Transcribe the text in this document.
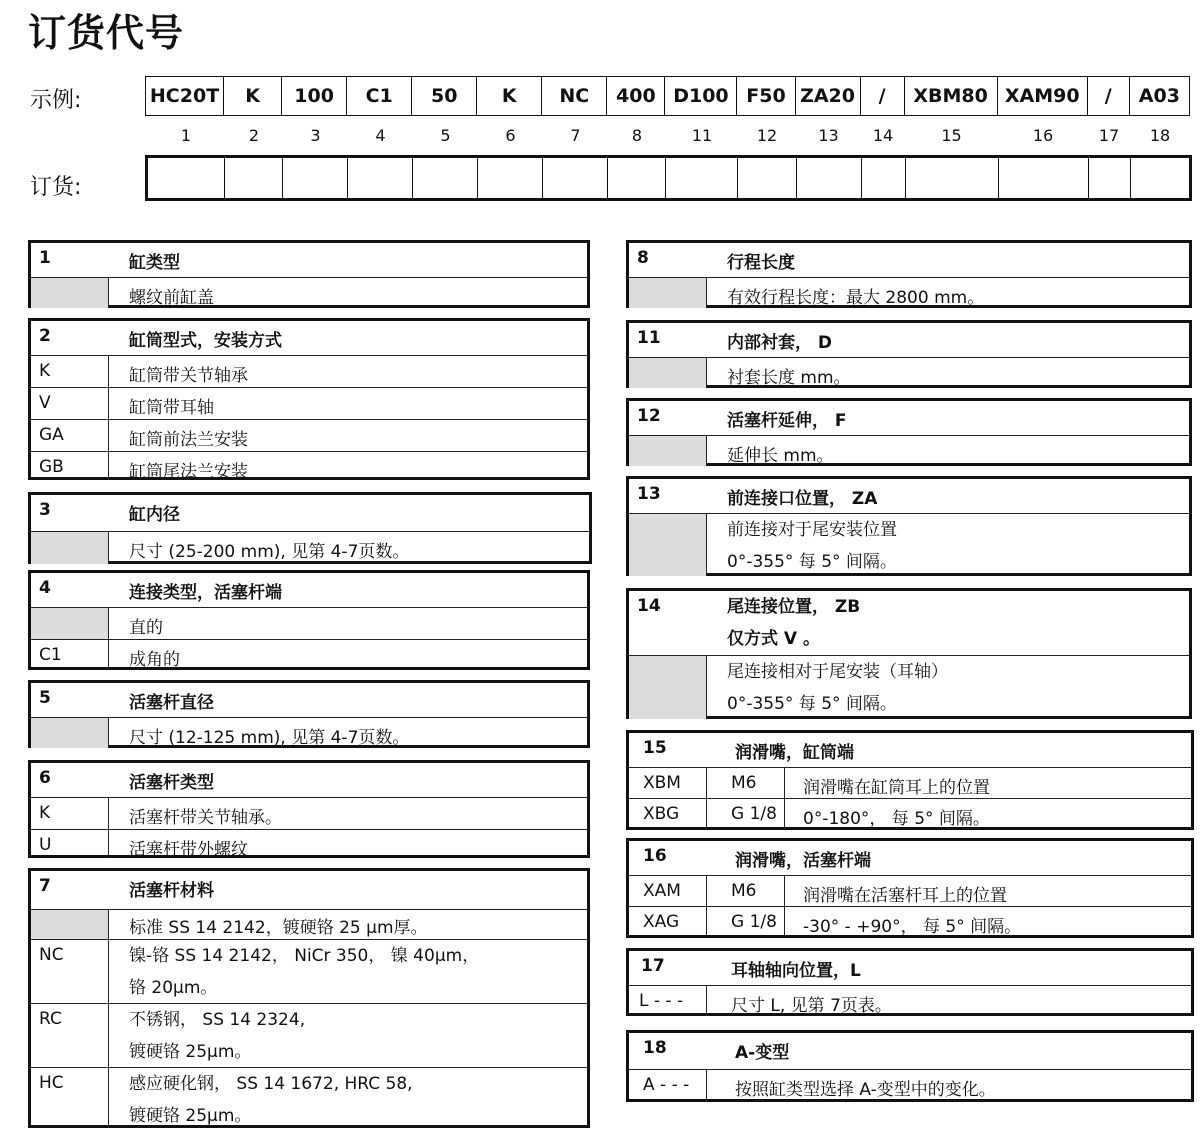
订货代号
示例:
订货:
HC20T	K	100	C1	50	K	NC	400	D100	F50	ZA20	/	XBM80	XAM90	/	A03
1	2	3	4	5	6	7	8	11	12	13	14	15	16	17	18

1	缸类型
螺纹前缸盖
2	缸筒型式，安装方式
K	缸筒带关节轴承
V	缸筒带耳轴
GA	缸筒前法兰安装
GB	缸筒尾法兰安装
3	缸内径
尺寸 (25-200 mm), 见第 4-7页数。
4	连接类型，活塞杆端
直的
C1	成角的
5	活塞杆直径
尺寸 (12-125 mm), 见第 4-7页数。
6	活塞杆类型
K	活塞杆带关节轴承。
U	活塞杆带外螺纹
7	活塞杆材料
标准 SS 14 2142，镀硬铬 25 µm厚。
NC	镍-铬 SS 14 2142， NiCr 350， 镍 40µm，
铬 20µm。
RC	不锈钢， SS 14 2324,
镀硬铬 25µm。
HC	感应硬化钢， SS 14 1672, HRC 58,
镀硬铬 25µm。
8	行程长度
有效行程长度：最大 2800 mm。
11	内部衬套， D
衬套长度 mm。
12	活塞杆延伸， F
延伸长 mm。
13	前连接口位置， ZA
前连接对于尾安装位置
0°-355° 每 5° 间隔。
14	尾连接位置， ZB
仅方式 V 。
尾连接相对于尾安装（耳轴）
0°-355° 每 5° 间隔。
15	润滑嘴，缸筒端
XBM	M6	润滑嘴在缸筒耳上的位置
XBG	G 1/8	0°-180°， 每 5° 间隔。
16	润滑嘴，活塞杆端
XAM	M6	润滑嘴在活塞杆耳上的位置
XAG	G 1/8	-30° - +90°， 每 5° 间隔。
17	耳轴轴向位置，L
L - - -	尺寸 L, 见第 7页表。
18	A-变型
A - - -	按照缸类型选择 A-变型中的变化。
